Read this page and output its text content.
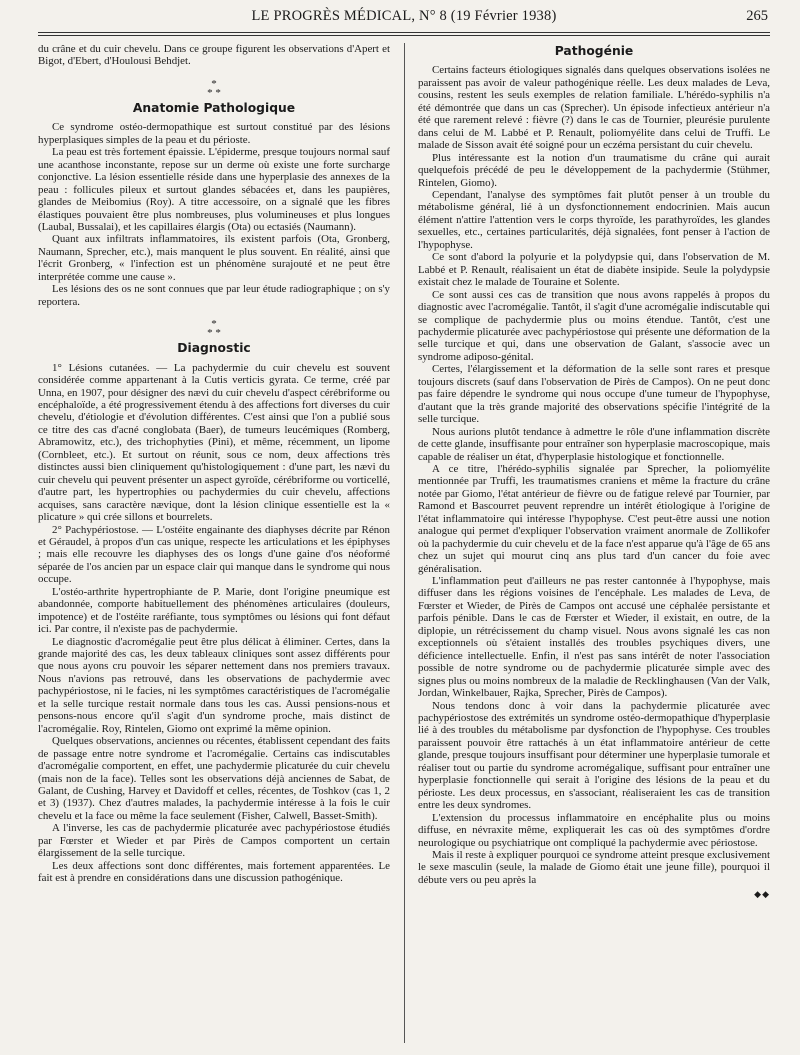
LE PROGRÈS MÉDICAL, N° 8 (19 Février 1938)	265

du crâne et du cuir chevelu. Dans ce groupe figurent les observations d'Apert et Bigot, d'Ebert, d'Houlousi Behdjet.

*
* *
Anatomie Pathologique

Ce syndrome ostéo-dermopathique est surtout constitué par des lésions hyperplasiques simples de la peau et du périoste.

La peau est très fortement épaissie. L'épiderme, presque toujours normal sauf une acanthose inconstante, repose sur un derme où existe une forte surcharge conjonctive. La lésion essentielle réside dans une hyperplasie des annexes de la peau : follicules pileux et surtout glandes sébacées et, dans les paupières, glandes de Meibomius (Roy). A titre accessoire, on a signalé que les fibres élastiques pouvaient être plus nombreuses, plus volumineuses et plus longues (Laubal, Bussalai), et les capillaires élargis (Ota) ou ectasiés (Naumann).

Quant aux infiltrats inflammatoires, ils existent parfois (Ota, Gronberg, Naumann, Sprecher, etc.), mais manquent le plus souvent. En réalité, ainsi que l'écrit Gronberg, « l'infection est un phénomène surajouté et ne peut être interprétée comme une cause ».

Les lésions des os ne sont connues que par leur étude radiographique ; on s'y reportera.

*
* *
Diagnostic

1° Lésions cutanées. — La pachydermie du cuir chevelu est souvent considérée comme appartenant à la Cutis verticis gyrata. Ce terme, créé par Unna, en 1907, pour désigner des nævi du cuir chevelu d'aspect cérébriforme ou encéphaloïde, a été progressivement étendu à des affections fort diverses du cuir chevelu, d'étiologie et d'évolution différentes. C'est ainsi que l'on a publié sous ce titre des cas d'acné conglobata (Baer), de tumeurs leucémiques (Romberg, Abramowitz, etc.), des trichophyties (Pini), et même, récemment, un lipome (Cornbleet, etc.). Et surtout on réunit, sous ce nom, deux affections très distinctes aussi bien cliniquement qu'histologiquement : d'une part, les nævi du cuir chevelu qui peuvent présenter un aspect gyroïde, cérébriforme ou vorticellé, d'autre part, les hypertrophies ou pachydermies du cuir chevelu, affections acquises, sans caractère nævique, dont la lésion clinique essentielle est la « plicature » qui crée sillons et bourrelets.

2° Pachypériostose. — L'ostéite engainante des diaphyses décrite par Rénon et Géraudel, à propos d'un cas unique, respecte les articulations et les épiphyses ; mais elle recouvre les diaphyses des os longs d'une gaine d'os néoformé séparée de l'os ancien par un espace clair qui manque dans le syndrome qui nous occupe.

L'ostéo-arthrite hypertrophiante de P. Marie, dont l'origine pneumique est abandonnée, comporte habituellement des phénomènes articulaires (douleurs, impotence) et de l'ostéite raréfiante, tous symptômes ou lésions qui font défaut ici. Par contre, il n'existe pas de pachydermie.

Le diagnostic d'acromégalie peut être plus délicat à éliminer. Certes, dans la grande majorité des cas, les deux tableaux cliniques sont assez différents pour que nous ayons cru pouvoir les séparer nettement dans nos premiers travaux. Nous n'avions pas retrouvé, dans les observations de pachydermie avec pachypériostose, ni le facies, ni les symptômes caractéristiques de l'acromégalie et la selle turcique restait normale dans tous les cas. Aussi pensions-nous et pensons-nous encore qu'il s'agit d'un syndrome proche, mais distinct de l'acromégalie. Roy, Rintelen, Giomo ont exprimé la même opinion.

Quelques observations, anciennes ou récentes, établissent cependant des faits de passage entre notre syndrome et l'acromégalie. Certains cas indiscutables d'acromégalie comportent, en effet, une pachydermie plicaturée du cuir chevelu (mais non de la face). Telles sont les observations déjà anciennes de Sabat, de Galant, de Cushing, Harvey et Davidoff et celles, récentes, de Toshkov (cas 1, 2 et 3) (1937). Chez d'autres malades, la pachydermie intéresse à la fois le cuir chevelu et la face ou même la face seulement (Fisher, Calwell, Basset-Smith).

A l'inverse, les cas de pachydermie plicaturée avec pachypériostose étudiés par Fœrster et Wieder et par Pirès de Campos comportent un certain élargissement de la selle turcique.

Les deux affections sont donc différentes, mais fortement apparentées. Le fait est à prendre en considérations dans une discussion pathogénique.

Pathogénie

Certains facteurs étiologiques signalés dans quelques observations isolées ne paraissent pas avoir de valeur pathogénique réelle. Les deux malades de Leva, cousins, restent les seuls exemples de relation familiale. L'hérédo-syphilis n'a été démontrée que dans un cas (Sprecher). Un épisode infectieux antérieur n'a été que rarement relevé : fièvre (?) dans le cas de Tournier, pleurésie purulente dans celui de M. Labbé et P. Renault, poliomyélite dans celui de Truffi. Le malade de Sisson avait été soigné pour un eczéma persistant du cuir chevelu.

Plus intéressante est la notion d'un traumatisme du crâne qui aurait quelquefois précédé de peu le développement de la pachydermie (Stühmer, Rintelen, Giomo).

Cependant, l'analyse des symptômes fait plutôt penser à un trouble du métabolisme général, lié à un dysfonctionnement endocrinien. Mais aucun élément n'attire l'attention vers le corps thyroïde, les parathyroïdes, les glandes sexuelles, etc., certaines particularités, déjà signalées, font penser à l'action de l'hypophyse.

Ce sont d'abord la polyurie et la polydypsie qui, dans l'observation de M. Labbé et P. Renault, réalisaient un état de diabète insipide. Seule la polydypsie existait chez le malade de Touraine et Solente.

Ce sont aussi ces cas de transition que nous avons rappelés à propos du diagnostic avec l'acromégalie. Tantôt, il s'agit d'une acromégalie indiscutable qui se complique de pachydermie plus ou moins étendue. Tantôt, c'est une pachydermie plicaturée avec pachypériostose qui présente une déformation de la selle turcique et qui, dans une observation de Galant, s'associe avec un syndrome adiposo-génital.

Certes, l'élargissement et la déformation de la selle sont rares et presque toujours discrets (sauf dans l'observation de Pirès de Campos). On ne peut donc pas faire dépendre le syndrome qui nous occupe d'une tumeur de l'hypophyse, d'autant que la très grande majorité des observations spécifie l'intégrité de la selle turcique.

Nous aurions plutôt tendance à admettre le rôle d'une inflammation discrète de cette glande, insuffisante pour entraîner son hyperplasie macroscopique, mais capable de réaliser un état, d'hyperplasie histologique et fonctionnelle.

A ce titre, l'hérédo-syphilis signalée par Sprecher, la poliomyélite mentionnée par Truffi, les traumatismes craniens et même la fracture du crâne notée par Giomo, l'état antérieur de fièvre ou de fatigue relevé par Tournier, par Ramond et Bascourret peuvent reprendre un intérêt étiologique à l'origine de l'état inflammatoire qui intéresse l'hypophyse. C'est peut-être aussi une notion analogue qui permet d'expliquer l'observation vraiment anormale de Zollikofer où la pachydermie du cuir chevelu et de la face n'est apparue qu'à l'âge de 65 ans chez un sujet qui mourut cinq ans plus tard d'un cancer du foie avec généralisation.

L'inflammation peut d'ailleurs ne pas rester cantonnée à l'hypophyse, mais diffuser dans les régions voisines de l'encéphale. Les malades de Leva, de Fœrster et Wieder, de Pirès de Campos ont accusé une céphalée persistante et parfois pénible. Dans le cas de Fœrster et Wieder, il existait, en outre, de la diplopie, un rétrécissement du champ visuel. Nous avons signalé les cas non exceptionnels où s'étaient installés des troubles psychiques divers, une déficience intellectuelle. Enfin, il n'est pas sans intérêt de noter l'association possible de notre syndrome ou de pachydermie plicaturée simple avec des signes plus ou moins nombreux de la maladie de Recklinghausen (Van der Valk, Jordan, Winkelbauer, Rajka, Sprecher, Pirès de Campos).

Nous tendons donc à voir dans la pachydermie plicaturée avec pachypériostose des extrémités un syndrome ostéo-dermopathique d'hyperplasie lié à des troubles du métabolisme par dysfonction de l'hypophyse. Ces troubles paraissent pouvoir être rattachés à un état inflammatoire antérieur de cette glande, presque toujours insuffisant pour déterminer une hyperplasie tumorale et réaliser tout ou partie du syndrome acromégalique, suffisant pour entraîner une hyperplasie fonctionnelle qui serait à l'origine des lésions de la peau et du périoste. Les deux processus, en s'associant, réaliseraient les cas de transition entre les deux syndromes.

L'extension du processus inflammatoire en encéphalite plus ou moins diffuse, en névraxite même, expliquerait les cas où des symptômes d'ordre neurologique ou psychiatrique ont compliqué la pachydermie avec périostose.

Mais il reste à expliquer pourquoi ce syndrome atteint presque exclusivement le sexe masculin (seule, la malade de Giomo était une jeune fille), pourquoi il débute vers ou peu après la

◆◆
